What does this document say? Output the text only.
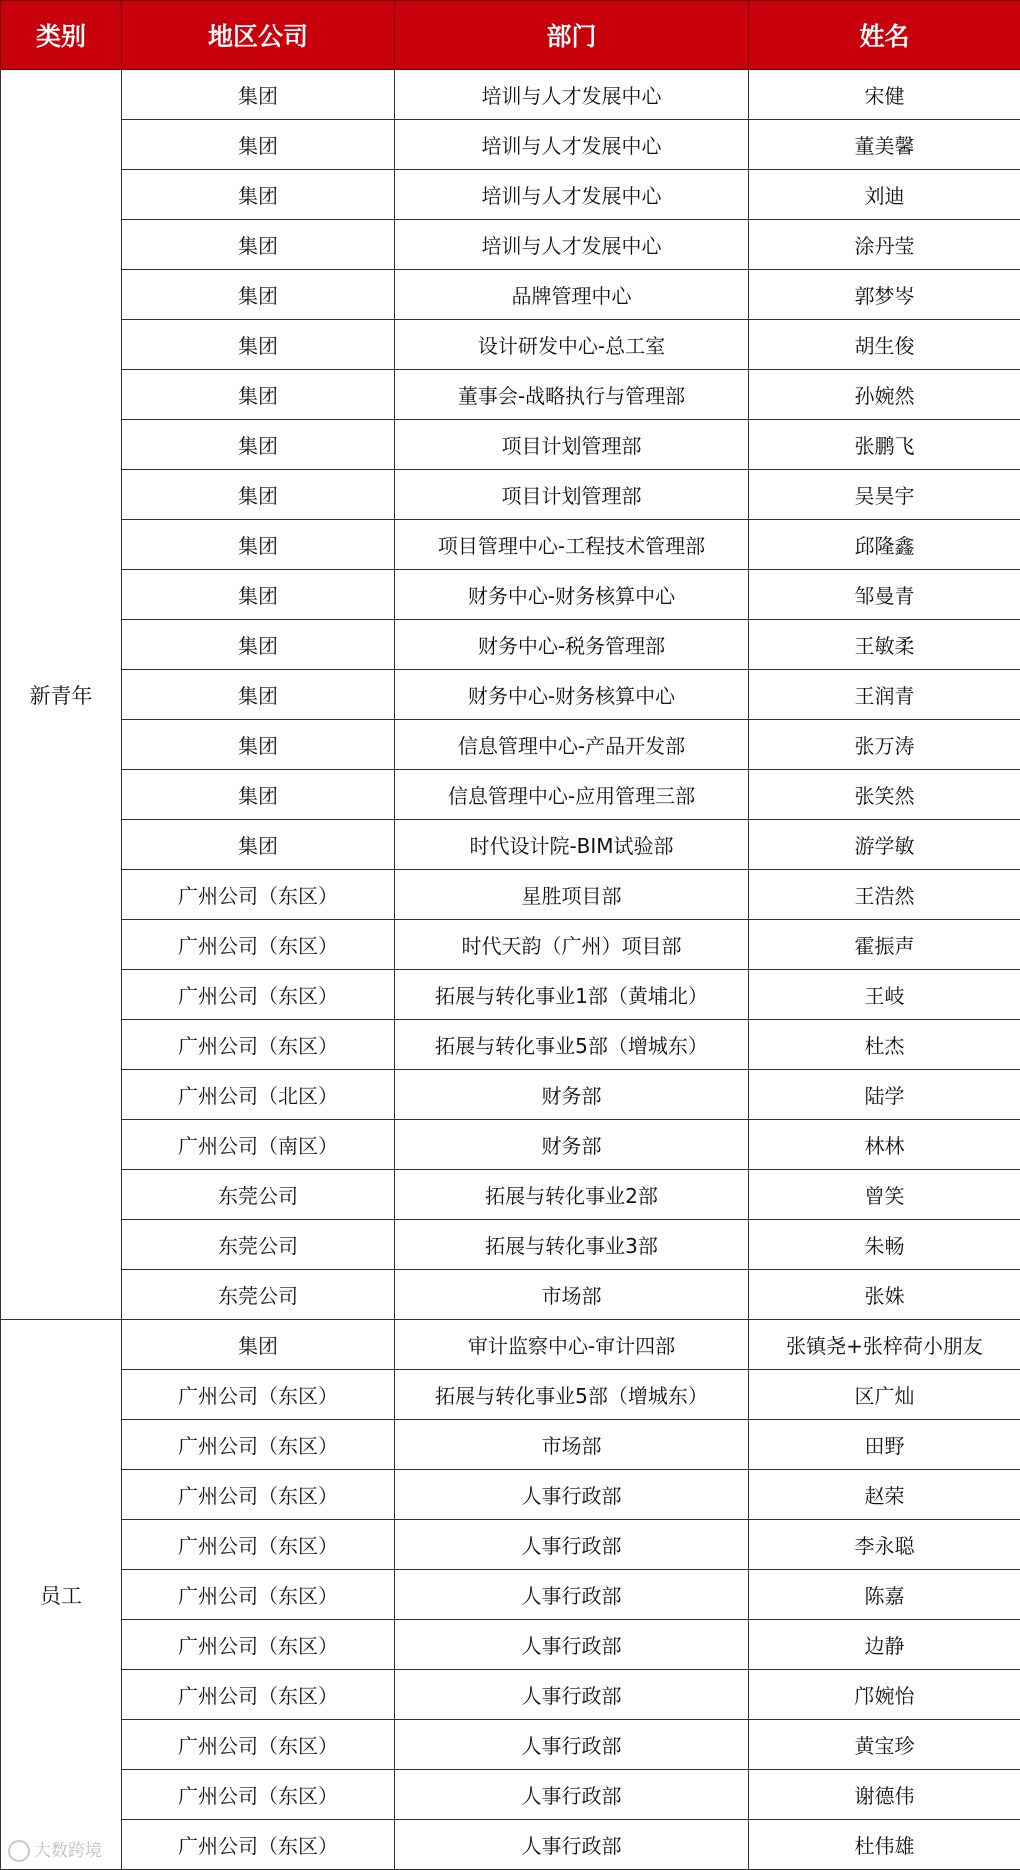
类别	地区公司	部门	姓名
新青年	集团	培训与人才发展中心	宋健
	集团	培训与人才发展中心	董美馨
	集团	培训与人才发展中心	刘迪
	集团	培训与人才发展中心	涂丹莹
	集团	品牌管理中心	郭梦岑
	集团	设计研发中心-总工室	胡生俊
	集团	董事会-战略执行与管理部	孙婉然
	集团	项目计划管理部	张鹏飞
	集团	项目计划管理部	吴昊宇
	集团	项目管理中心-工程技术管理部	邱隆鑫
	集团	财务中心-财务核算中心	邹曼青
	集团	财务中心-税务管理部	王敏柔
	集团	财务中心-财务核算中心	王润青
	集团	信息管理中心-产品开发部	张万涛
	集团	信息管理中心-应用管理三部	张笑然
	集团	时代设计院-BIM试验部	游学敏
	广州公司（东区）	星胜项目部	王浩然
	广州公司（东区）	时代天韵（广州）项目部	霍振声
	广州公司（东区）	拓展与转化事业1部（黄埔北）	王岐
	广州公司（东区）	拓展与转化事业5部（增城东）	杜杰
	广州公司（北区）	财务部	陆学
	广州公司（南区）	财务部	林林
	东莞公司	拓展与转化事业2部	曾笑
	东莞公司	拓展与转化事业3部	朱畅
	东莞公司	市场部	张姝
员工	集团	审计监察中心-审计四部	张镇尧+张梓荷小朋友
	广州公司（东区）	拓展与转化事业5部（增城东）	区广灿
	广州公司（东区）	市场部	田野
	广州公司（东区）	人事行政部	赵荣
	广州公司（东区）	人事行政部	李永聪
	广州公司（东区）	人事行政部	陈嘉
	广州公司（东区）	人事行政部	边静
	广州公司（东区）	人事行政部	邝婉怡
	广州公司（东区）	人事行政部	黄宝珍
	广州公司（东区）	人事行政部	谢德伟
	广州公司（东区）	人事行政部	杜伟雄
大数跨境
